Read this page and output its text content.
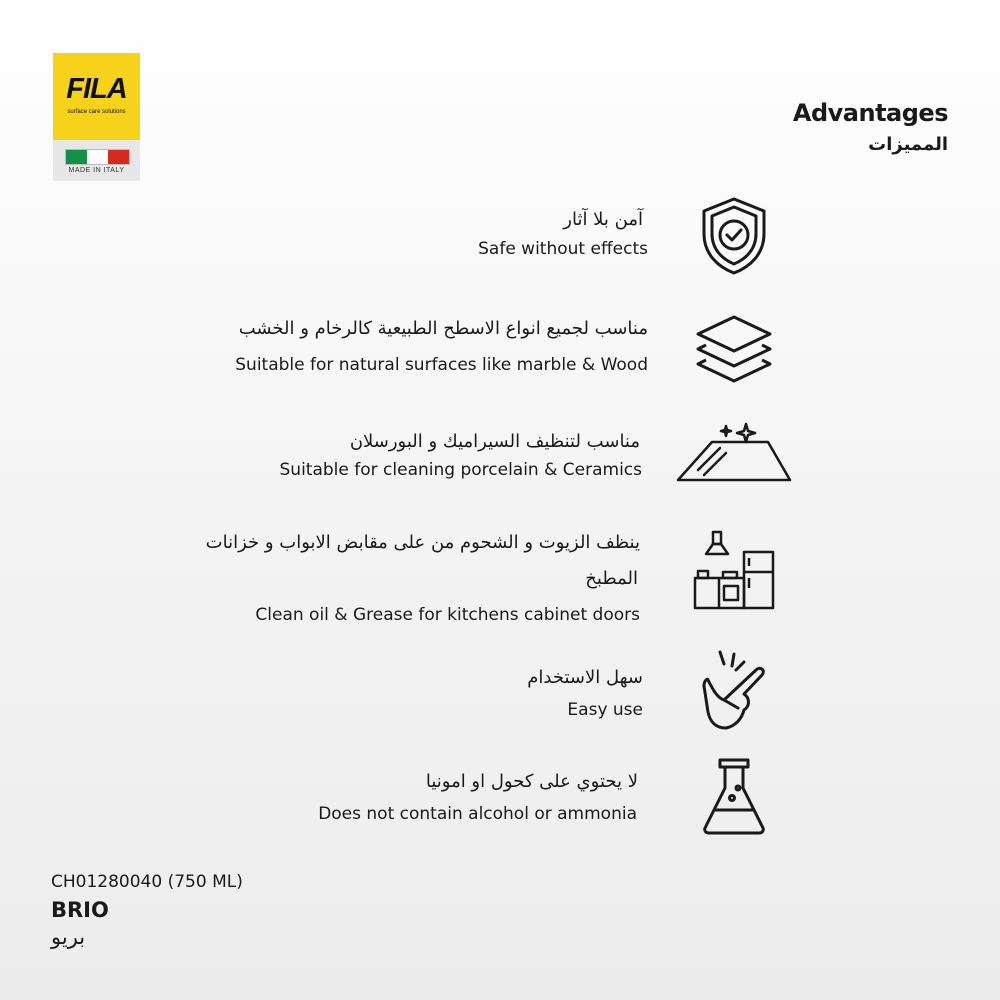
FILA
surface care solutions
MADE IN ITALY
Advantages
المميزات
آمن بلا آثار
Safe without effects
مناسب لجميع انواع الاسطح الطبيعية كالرخام و الخشب
Suitable for natural surfaces like marble & Wood
مناسب لتنظيف السيراميك و البورسلان
Suitable for cleaning porcelain & Ceramics
ينظف الزيوت و الشحوم من على مقابض الابواب و خزانات
المطبخ
Clean oil & Grease for kitchens cabinet doors
سهل الاستخدام
Easy use
لا يحتوي على كحول او امونيا
Does not contain alcohol or ammonia
CH01280040 (750 ML)
BRIO
بريو
